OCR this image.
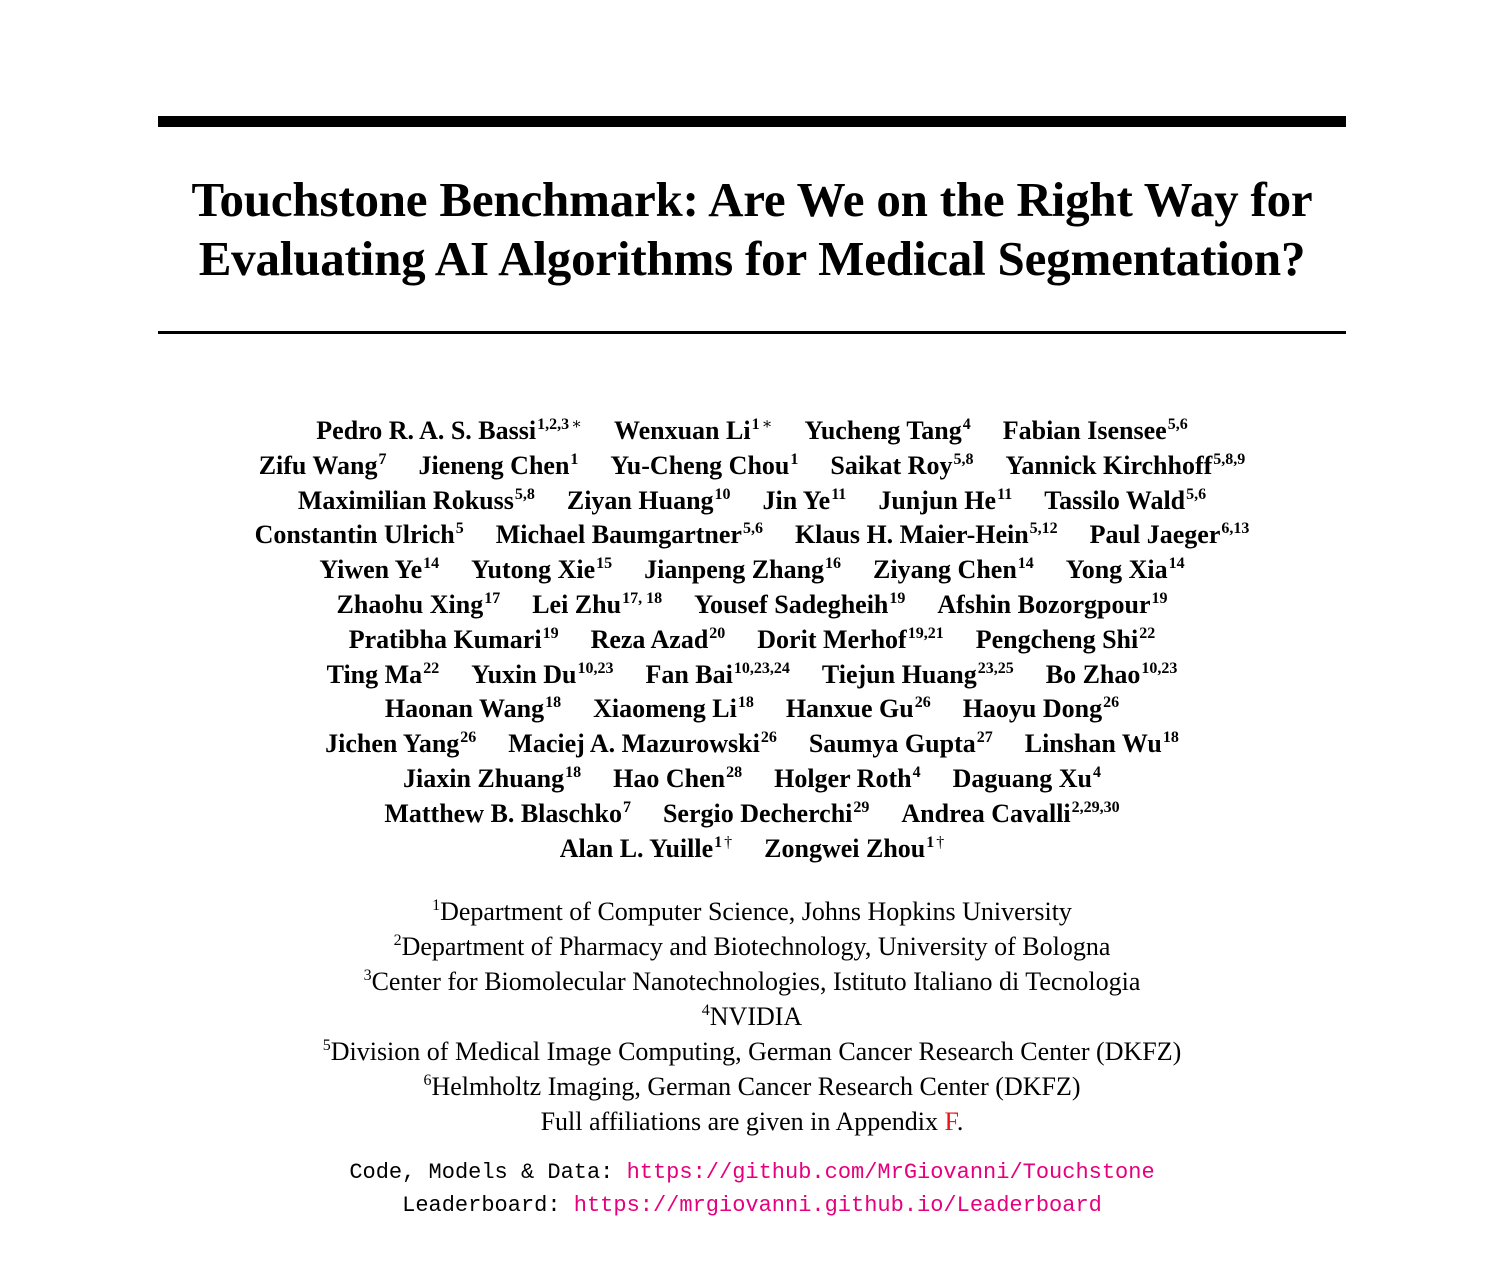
Touchstone Benchmark: Are We on the Right Way for
Evaluating AI Algorithms for Medical Segmentation?
Pedro R. A. S. Bassi$^{1,2,3}$ ∗ Wenxuan Li$^1$ ∗ Yucheng Tang$^4$ Fabian Isensee$^{5,6}$
Zifu Wang$^7$ Jieneng Chen$^1$ Yu-Cheng Chou$^1$ Saikat Roy$^{5,8}$ Yannick Kirchhoff$^{5,8,9}$
Maximilian Rokuss$^{5,8}$ Ziyan Huang$^{10}$ Jin Ye$^{11}$ Junjun He$^{11}$ Tassilo Wald$^{5,6}$
Constantin Ulrich$^5$ Michael Baumgartner$^{5,6}$ Klaus H. Maier-Hein$^{5,12}$ Paul Jaeger$^{6,13}$
Yiwen Ye$^{14}$ Yutong Xie$^{15}$ Jianpeng Zhang$^{16}$ Ziyang Chen$^{14}$ Yong Xia$^{14}$
Zhaohu Xing$^{17}$ Lei Zhu$^{17, 18}$ Yousef Sadegheih$^{19}$ Afshin Bozorgpour$^{19}$
Pratibha Kumari$^{19}$ Reza Azad$^{20}$ Dorit Merhof$^{19,21}$ Pengcheng Shi$^{22}$
Ting Ma$^{22}$ Yuxin Du$^{10,23}$ Fan Bai$^{10,23,24}$ Tiejun Huang$^{23,25}$ Bo Zhao$^{10,23}$
Haonan Wang$^{18}$ Xiaomeng Li$^{18}$ Hanxue Gu$^{26}$ Haoyu Dong$^{26}$
Jichen Yang$^{26}$ Maciej A. Mazurowski$^{26}$ Saumya Gupta$^{27}$ Linshan Wu$^{18}$
Jiaxin Zhuang$^{18}$ Hao Chen$^{28}$ Holger Roth$^4$ Daguang Xu$^4$
Matthew B. Blaschko$^7$ Sergio Decherchi$^{29}$ Andrea Cavalli$^{2,29,30}$
Alan L. Yuille$^1$ † Zongwei Zhou$^1$ †
$^1$Department of Computer Science, Johns Hopkins University
$^2$Department of Pharmacy and Biotechnology, University of Bologna
$^3$Center for Biomolecular Nanotechnologies, Istituto Italiano di Tecnologia
$^4$NVIDIA
$^5$Division of Medical Image Computing, German Cancer Research Center (DKFZ)
$^6$Helmholtz Imaging, German Cancer Research Center (DKFZ)
Full affiliations are given in Appendix F.
Code, Models & Data: https://github.com/MrGiovanni/Touchstone
Leaderboard: https://mrgiovanni.github.io/Leaderboard
